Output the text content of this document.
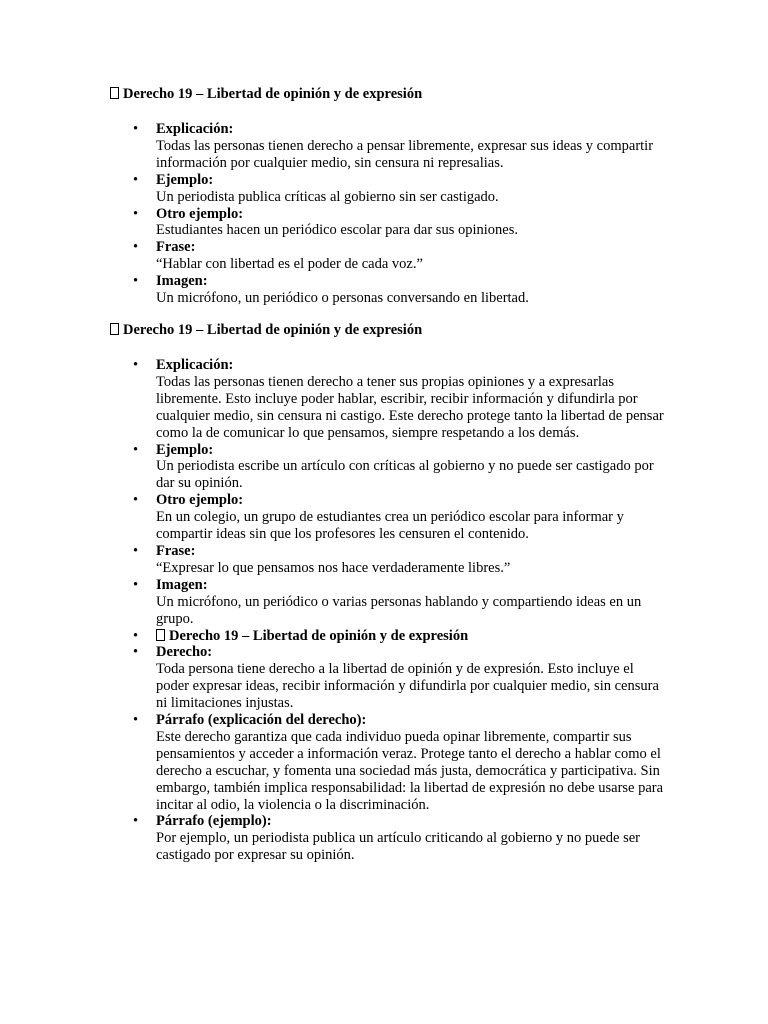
Derecho 19 – Libertad de opinión y de expresión
• Explicación:
Todas las personas tienen derecho a pensar libremente, expresar sus ideas y compartir información por cualquier medio, sin censura ni represalias.
• Ejemplo:
Un periodista publica críticas al gobierno sin ser castigado.
• Otro ejemplo:
Estudiantes hacen un periódico escolar para dar sus opiniones.
• Frase:
“Hablar con libertad es el poder de cada voz.”
• Imagen:
Un micrófono, un periódico o personas conversando en libertad.
Derecho 19 – Libertad de opinión y de expresión
• Explicación:
Todas las personas tienen derecho a tener sus propias opiniones y a expresarlas libremente. Esto incluye poder hablar, escribir, recibir información y difundirla por cualquier medio, sin censura ni castigo. Este derecho protege tanto la libertad de pensar como la de comunicar lo que pensamos, siempre respetando a los demás.
• Ejemplo:
Un periodista escribe un artículo con críticas al gobierno y no puede ser castigado por dar su opinión.
• Otro ejemplo:
En un colegio, un grupo de estudiantes crea un periódico escolar para informar y compartir ideas sin que los profesores les censuren el contenido.
• Frase:
“Expresar lo que pensamos nos hace verdaderamente libres.”
• Imagen:
Un micrófono, un periódico o varias personas hablando y compartiendo ideas en un grupo.
• Derecho 19 – Libertad de opinión y de expresión
• Derecho:
Toda persona tiene derecho a la libertad de opinión y de expresión. Esto incluye el poder expresar ideas, recibir información y difundirla por cualquier medio, sin censura ni limitaciones injustas.
• Párrafo (explicación del derecho):
Este derecho garantiza que cada individuo pueda opinar libremente, compartir sus pensamientos y acceder a información veraz. Protege tanto el derecho a hablar como el derecho a escuchar, y fomenta una sociedad más justa, democrática y participativa. Sin embargo, también implica responsabilidad: la libertad de expresión no debe usarse para incitar al odio, la violencia o la discriminación.
• Párrafo (ejemplo):
Por ejemplo, un periodista publica un artículo criticando al gobierno y no puede ser castigado por expresar su opinión.
